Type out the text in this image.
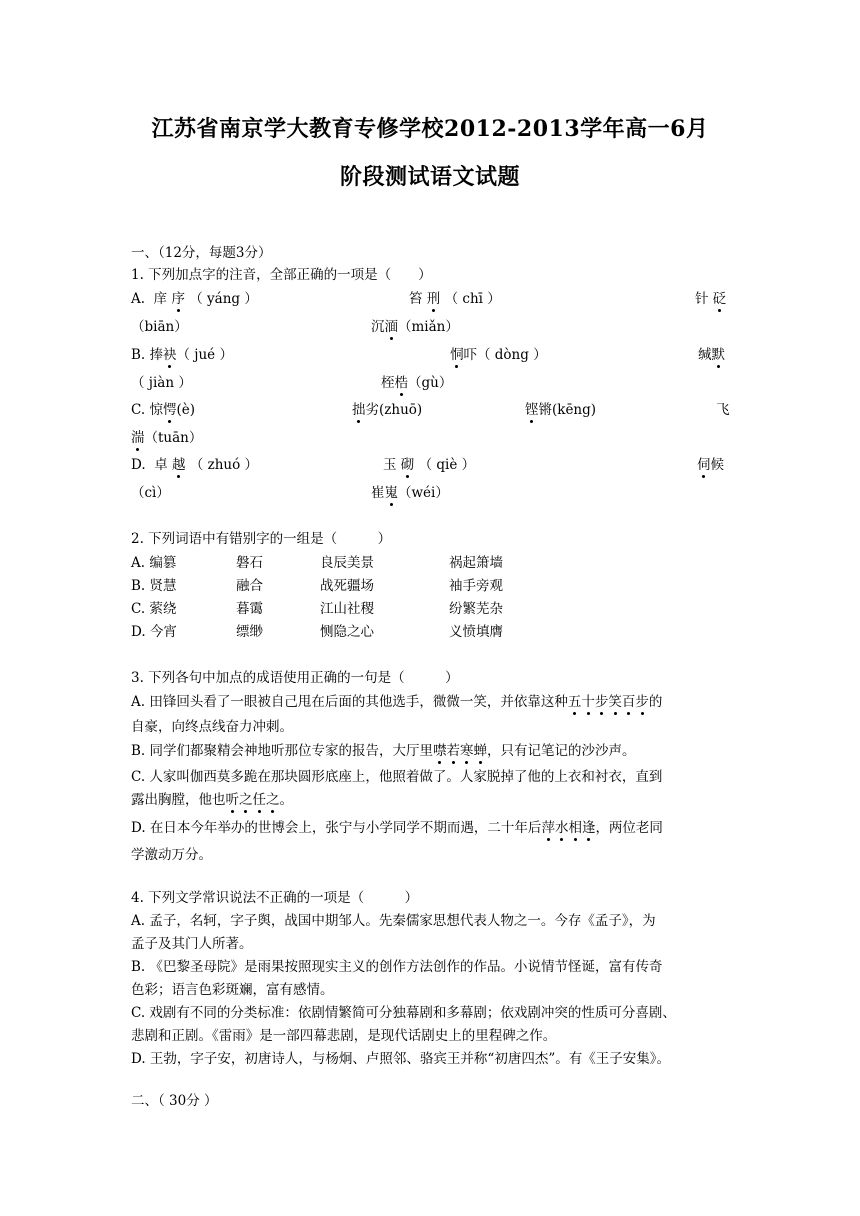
江苏省南京学大教育专修学校2012-2013学年高一6月
阶段测试语文试题
一、（12分，每题3分）
1. 下列加点字的注音，全部正确的一项是（　　）
A. 庠 序 （ yáng ）	笞 刑 （ chī ）	针 砭
（biān）	沉湎（miǎn）
B. 捧袂（ jué ）	恫吓（ dòng ）	缄默
（ jiàn ）	桎梏（gù）
C. 惊愕(è)	拙劣(zhuō)	铿锵(kēng)	飞
湍（tuān）
D. 卓 越 （ zhuó ）	玉 砌 （ qiè ）	伺候
（cì）	崔嵬（wéi）
2. 下列词语中有错别字的一组是（　　　）
A. 编篡	磐石	良辰美景	祸起箫墙
B. 贤慧	融合	战死疆场	袖手旁观
C. 萦绕	暮霭	江山社稷	纷繁芜杂
D. 今宵	缥缈	恻隐之心	义愤填膺
3. 下列各句中加点的成语使用正确的一句是（　　　）
A. 田锋回头看了一眼被自己甩在后面的其他选手，微微一笑，并依靠这种五十步笑百步的
自豪，向终点线奋力冲刺。
B. 同学们都聚精会神地听那位专家的报告，大厅里噤若寒蝉，只有记笔记的沙沙声。
C. 人家叫伽西莫多跪在那块圆形底座上，他照着做了。人家脱掉了他的上衣和衬衣，直到
露出胸膛，他也听之任之。
D. 在日本今年举办的世博会上，张宁与小学同学不期而遇，二十年后萍水相逢，两位老同
学激动万分。
4. 下列文学常识说法不正确的一项是（　　　）
A. 孟子，名轲，字子舆，战国中期邹人。先秦儒家思想代表人物之一。今存《孟子》，为
孟子及其门人所著。
B. 《巴黎圣母院》是雨果按照现实主义的创作方法创作的作品。小说情节怪诞，富有传奇
色彩；语言色彩斑斓，富有感情。
C. 戏剧有不同的分类标准：依剧情繁简可分独幕剧和多幕剧；依戏剧冲突的性质可分喜剧、
悲剧和正剧。《雷雨》是一部四幕悲剧，是现代话剧史上的里程碑之作。
D. 王勃，字子安，初唐诗人，与杨炯、卢照邻、骆宾王并称“初唐四杰”。有《王子安集》。
二、（ 30分 ）
